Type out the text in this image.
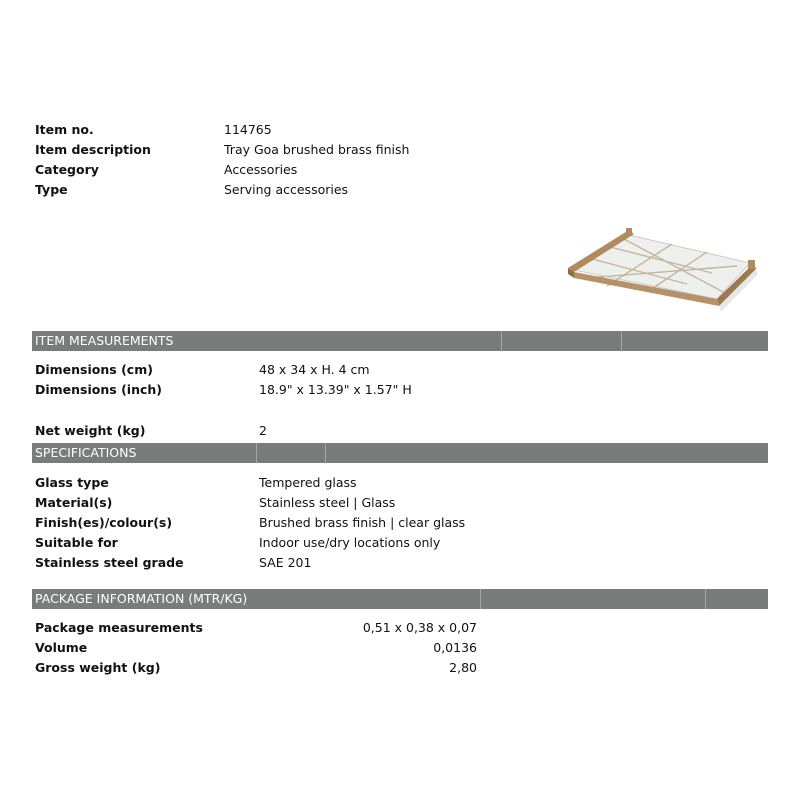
Item no.	114765
Item description	Tray Goa brushed brass finish
Category	Accessories
Type	Serving accessories
ITEM MEASUREMENTS
Dimensions (cm)	48 x 34 x H. 4 cm
Dimensions (inch)	18.9" x 13.39" x 1.57" H
Net weight (kg)	2
SPECIFICATIONS
Glass type	Tempered glass
Material(s)	Stainless steel | Glass
Finish(es)/colour(s)	Brushed brass finish | clear glass
Suitable for	Indoor use/dry locations only
Stainless steel grade	SAE 201
PACKAGE INFORMATION (MTR/KG)
Package measurements	0,51 x 0,38 x 0,07
Volume	0,0136
Gross weight (kg)	2,80
